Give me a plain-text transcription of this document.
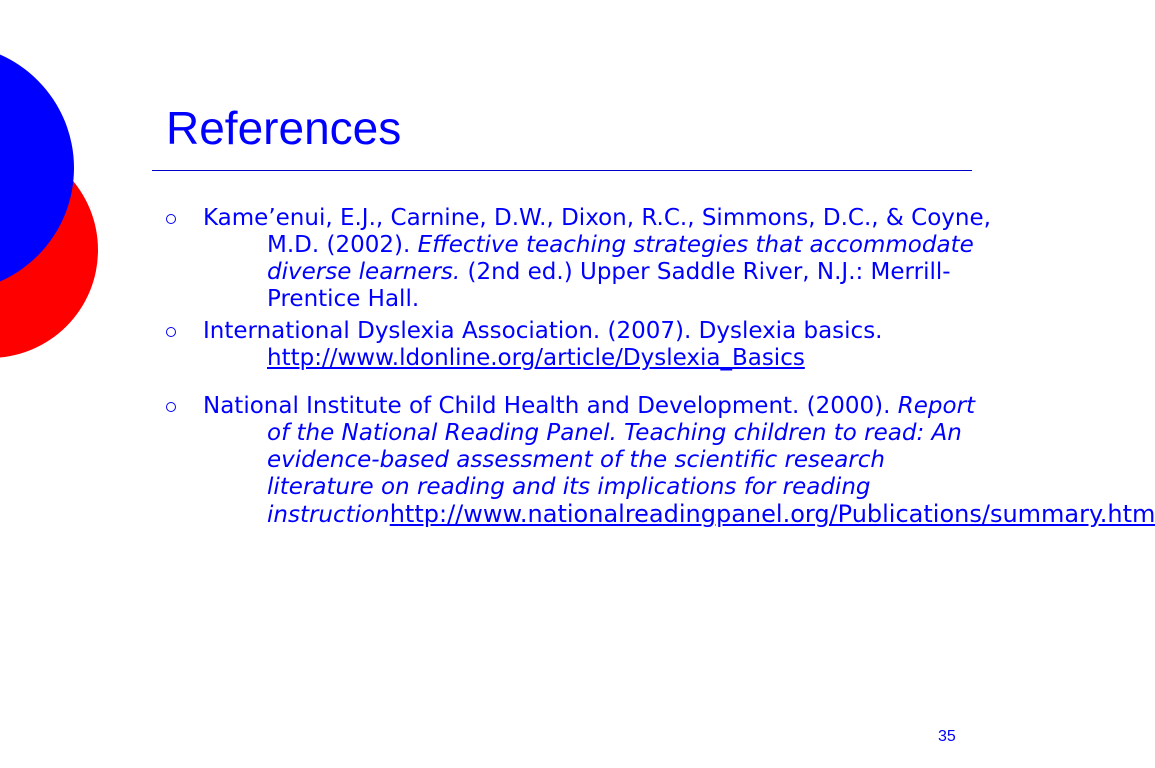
References
Kame’enui, E.J., Carnine, D.W., Dixon, R.C., Simmons, D.C., & Coyne, M.D. (2002). Effective teaching strategies that accommodate diverse learners. (2nd ed.) Upper Saddle River, N.J.: Merrill-Prentice Hall.
International Dyslexia Association. (2007). Dyslexia basics.
http://www.ldonline.org/article/Dyslexia_Basics
National Institute of Child Health and Development. (2000). Report of the National Reading Panel. Teaching children to read: An evidence-based assessment of the scientific research literature on reading and its implications for reading instructionhttp://www.nationalreadingpanel.org/Publications/summary.htm
35
